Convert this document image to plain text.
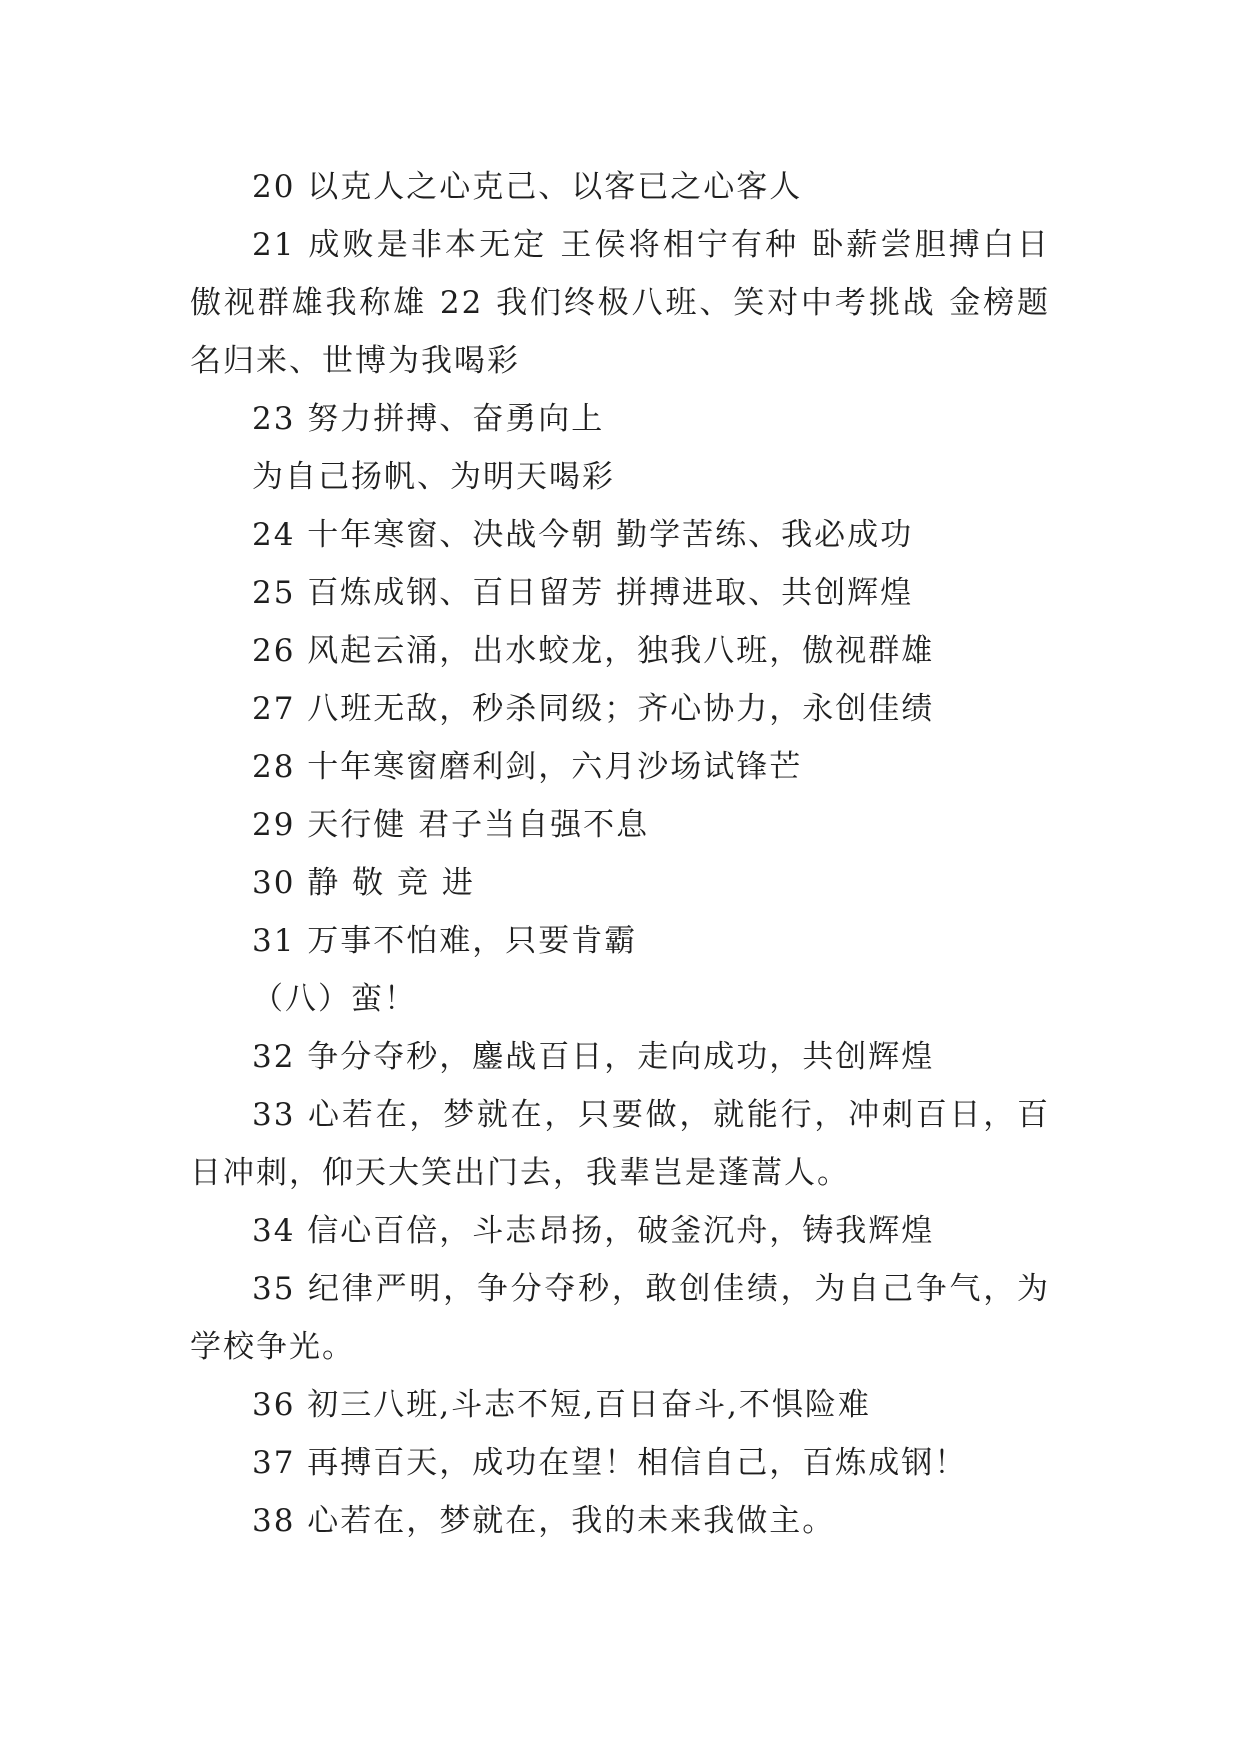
20 以克人之心克己、以客已之心客人

21 成败是非本无定 王侯将相宁有种 卧薪尝胆搏白日傲视群雄我称雄 22 我们终极八班、笑对中考挑战 金榜题名归来、世博为我喝彩

23 努力拼搏、奋勇向上

为自己扬帆、为明天喝彩

24 十年寒窗、决战今朝 勤学苦练、我必成功

25 百炼成钢、百日留芳 拼搏进取、共创辉煌

26 风起云涌，出水蛟龙，独我八班，傲视群雄

27 八班无敌，秒杀同级；齐心协力，永创佳绩

28 十年寒窗磨利剑，六月沙场试锋芒

29 天行健 君子当自强不息

30 静 敬 竞 进

31 万事不怕难，只要肯霸

（八）蛮！

32 争分夺秒，鏖战百日，走向成功，共创辉煌

33 心若在，梦就在，只要做，就能行，冲刺百日，百日冲刺，仰天大笑出门去，我辈岂是蓬蒿人。

34 信心百倍，斗志昂扬，破釜沉舟，铸我辉煌

35 纪律严明，争分夺秒，敢创佳绩，为自己争气，为学校争光。

36 初三八班,斗志不短,百日奋斗,不惧险难

37 再搏百天，成功在望！相信自己，百炼成钢！

38 心若在，梦就在，我的未来我做主。
